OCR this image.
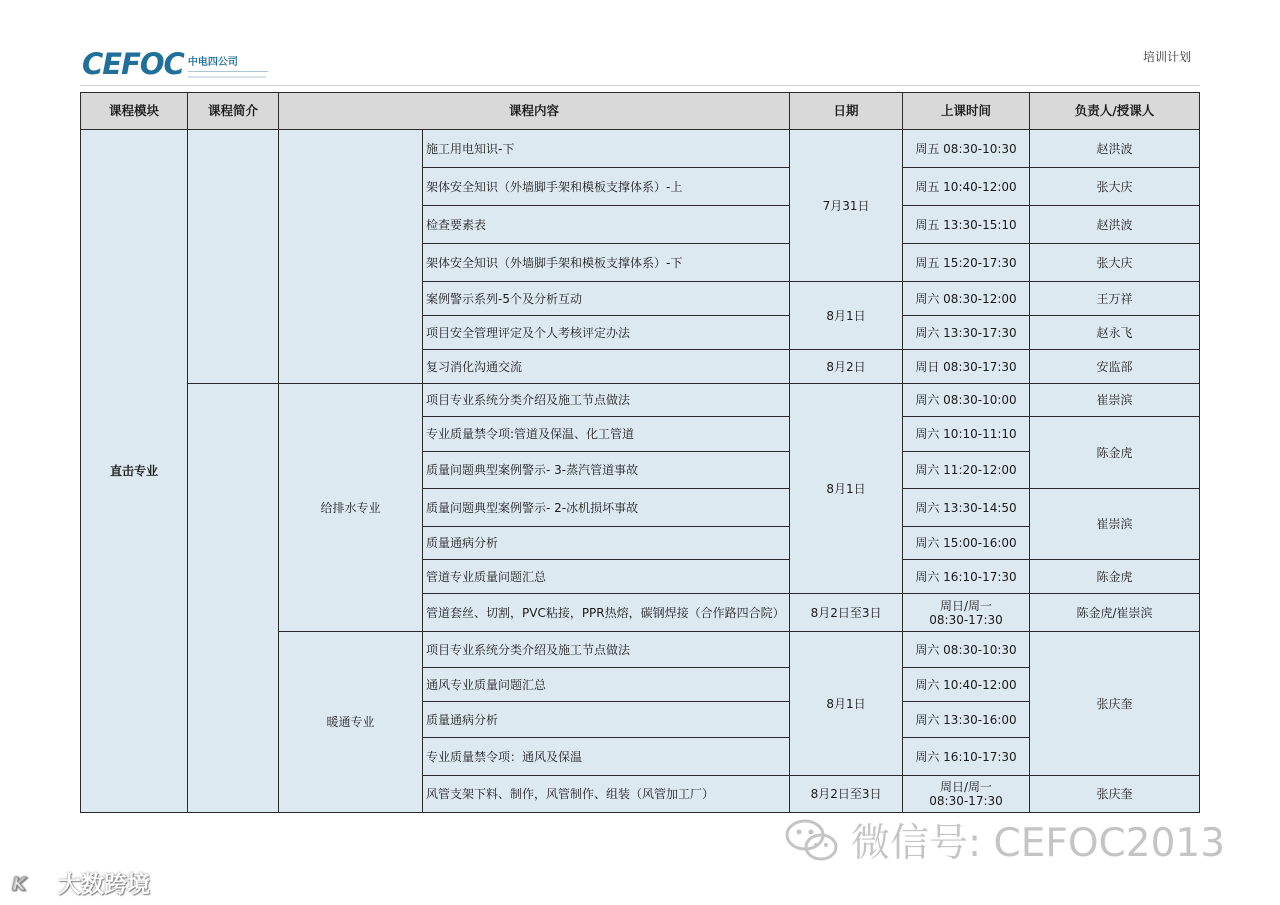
CEFOC 中电四公司	培训计划
课程模块	课程简介	课程内容		日期	上课时间	负责人/授课人
直击专业			施工用电知识-下	7月31日	周五 08:30-10:30	赵洪波
			架体安全知识（外墙脚手架和模板支撑体系）-上		周五 10:40-12:00	张大庆
			检查要素表		周五 13:30-15:10	赵洪波
			架体安全知识（外墙脚手架和模板支撑体系）-下		周五 15:20-17:30	张大庆
			案例警示系列-5个及分析互动	8月1日	周六 08:30-12:00	王万祥
			项目安全管理评定及个人考核评定办法		周六 13:30-17:30	赵永飞
			复习消化沟通交流	8月2日	周日 08:30-17:30	安监部
		给排水专业	项目专业系统分类介绍及施工节点做法	8月1日	周六 08:30-10:00	崔崇滨
			专业质量禁令项:管道及保温、化工管道		周六 10:10-11:10	陈金虎
			质量问题典型案例警示- 3-蒸汽管道事故		周六 11:20-12:00	
			质量问题典型案例警示- 2-冰机损坏事故		周六 13:30-14:50	崔崇滨
			质量通病分析		周六 15:00-16:00	
			管道专业质量问题汇总		周六 16:10-17:30	陈金虎
			管道套丝、切割，PVC粘接，PPR热熔，碳钢焊接（合作路四合院）	8月2日至3日	周日/周一
08:30-17:30	陈金虎/崔崇滨
		暖通专业	项目专业系统分类介绍及施工节点做法	8月1日	周六 08:30-10:30	张庆奎
			通风专业质量问题汇总		周六 10:40-12:00	
			质量通病分析		周六 13:30-16:00	
			专业质量禁令项：通风及保温		周六 16:10-17:30	
			风管支架下料、制作，风管制作、组装（风管加工厂）	8月2日至3日	周日/周一
08:30-17:30	张庆奎
微信号: CEFOC2013
K 大数跨境
